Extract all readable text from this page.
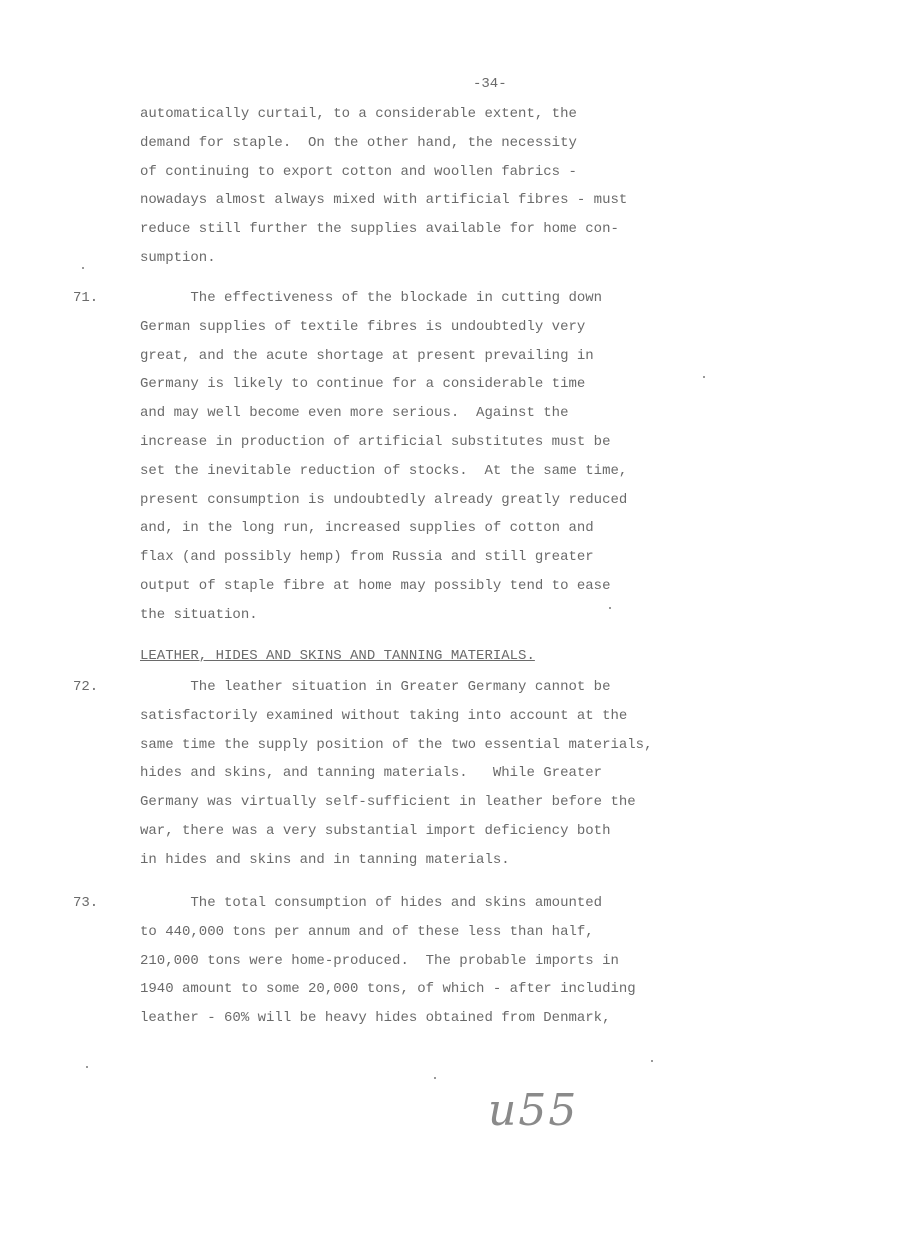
-34-
automatically curtail, to a considerable extent, the
demand for staple.  On the other hand, the necessity
of continuing to export cotton and woollen fabrics -
nowadays almost always mixed with artificial fibres - must
reduce still further the supplies available for home con-
sumption.
71.	The effectiveness of the blockade in cutting down
German supplies of textile fibres is undoubtedly very
great, and the acute shortage at present prevailing in
Germany is likely to continue for a considerable time
and may well become even more serious.  Against the
increase in production of artificial substitutes must be
set the inevitable reduction of stocks.  At the same time,
present consumption is undoubtedly already greatly reduced
and, in the long run, increased supplies of cotton and
flax (and possibly hemp) from Russia and still greater
output of staple fibre at home may possibly tend to ease
the situation.
LEATHER, HIDES AND SKINS AND TANNING MATERIALS.
72.	The leather situation in Greater Germany cannot be
satisfactorily examined without taking into account at the
same time the supply position of the two essential materials,
hides and skins, and tanning materials.   While Greater
Germany was virtually self-sufficient in leather before the
war, there was a very substantial import deficiency both
in hides and skins and in tanning materials.
73.	The total consumption of hides and skins amounted
to 440,000 tons per annum and of these less than half,
210,000 tons were home-produced.  The probable imports in
1940 amount to some 20,000 tons, of which - after including
leather - 60% will be heavy hides obtained from Denmark,
u55
